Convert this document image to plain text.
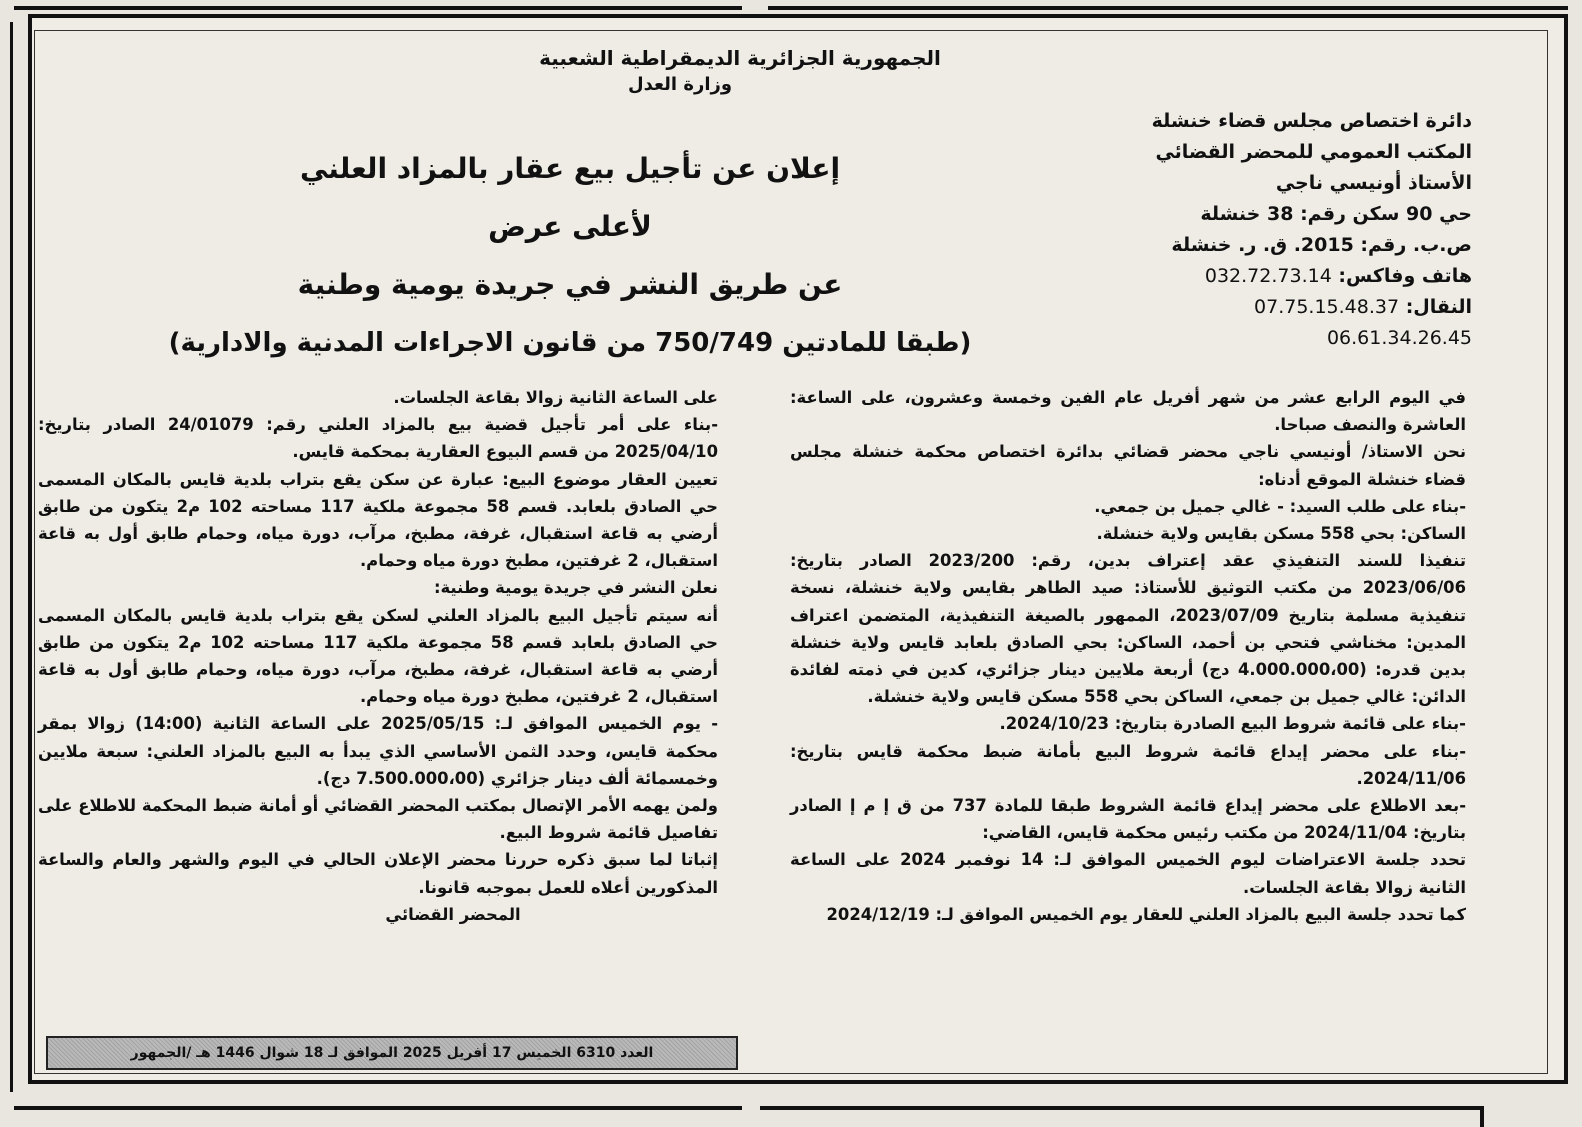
الجمهورية الجزائرية الديمقراطية الشعبية
وزارة العدل
دائرة اختصاص مجلس قضاء خنشلة
المكتب العمومي للمحضر القضائي
الأستاذ أونيسي ناجي
حي 90 سكن رقم: 38 خنشلة
ص.ب. رقم: 2015. ق. ر. خنشلة
هاتف وفاكس: 032.72.73.14
النقال: 07.75.15.48.37
06.61.34.26.45
إعلان عن تأجيل بيع عقار بالمزاد العلني
لأعلى عرض
عن طريق النشر في جريدة يومية وطنية
(طبقا للمادتين 750/749 من قانون الاجراءات المدنية والادارية)

في اليوم الرابع عشر من شهر أفريل عام الفين وخمسة وعشرون، على الساعة: العاشرة والنصف صباحا.

نحن الاستاذ/ أونيسي ناجي محضر قضائي بدائرة اختصاص محكمة خنشلة مجلس قضاء خنشلة الموقع أدناه:

-بناء على طلب السيد: - غالي جميل بن جمعي.

الساكن: بحي 558 مسكن بقايس ولاية خنشلة.

تنفيذا للسند التنفيذي عقد إعتراف بدين، رقم: 2023/200 الصادر بتاريخ: 2023/06/06 من مكتب التوثيق للأستاذ: صيد الطاهر بقايس ولاية خنشلة، نسخة تنفيذية مسلمة بتاريخ 2023/07/09، الممهور بالصيغة التنفيذية، المتضمن اعتراف المدين: مخناشي فتحي بن أحمد، الساكن: بحي الصادق بلعابد قايس ولاية خنشلة بدين قدره: (4.000.000،00 دج) أربعة ملايين دينار جزائري، كدين في ذمته لفائدة الدائن: غالي جميل بن جمعي، الساكن بحي 558 مسكن قايس ولاية خنشلة.

-بناء على قائمة شروط البيع الصادرة بتاريخ: 2024/10/23.

-بناء على محضر إيداع قائمة شروط البيع بأمانة ضبط محكمة قايس بتاريخ: 2024/11/06.

-بعد الاطلاع على محضر إيداع قائمة الشروط طبقا للمادة 737 من ق إ م إ الصادر بتاريخ: 2024/11/04 من مكتب رئيس محكمة قايس، القاضي:

تحدد جلسة الاعتراضات ليوم الخميس الموافق لـ: 14 نوفمبر 2024 على الساعة الثانية زوالا بقاعة الجلسات.

كما تحدد جلسة البيع بالمزاد العلني للعقار يوم الخميس الموافق لـ: 2024/12/19

على الساعة الثانية زوالا بقاعة الجلسات.

-بناء على أمر تأجيل قضية بيع بالمزاد العلني رقم: 24/01079 الصادر بتاريخ: 2025/04/10 من قسم البيوع العقارية بمحكمة قايس.

تعيين العقار موضوع البيع: عبارة عن سكن يقع بتراب بلدية قايس بالمكان المسمى حي الصادق بلعابد. قسم 58 مجموعة ملكية 117 مساحته 102 م2 يتكون من طابق أرضي به قاعة استقبال، غرفة، مطبخ، مرآب، دورة مياه، وحمام طابق أول به قاعة استقبال، 2 غرفتين، مطبخ دورة مياه وحمام.

نعلن النشر في جريدة يومية وطنية:

أنه سيتم تأجيل البيع بالمزاد العلني لسكن يقع بتراب بلدية قايس بالمكان المسمى حي الصادق بلعابد قسم 58 مجموعة ملكية 117 مساحته 102 م2 يتكون من طابق أرضي به قاعة استقبال، غرفة، مطبخ، مرآب، دورة مياه، وحمام طابق أول به قاعة استقبال، 2 غرفتين، مطبخ دورة مياه وحمام.

- يوم الخميس الموافق لـ: 2025/05/15 على الساعة الثانية (14:00) زوالا بمقر محكمة قايس، وحدد الثمن الأساسي الذي يبدأ به البيع بالمزاد العلني: سبعة ملايين وخمسمائة ألف دينار جزائري (7.500.000،00 دج).

ولمن يهمه الأمر الإتصال بمكتب المحضر القضائي أو أمانة ضبط المحكمة للاطلاع على تفاصيل قائمة شروط البيع.

إثباتا لما سبق ذكره حررنا محضر الإعلان الحالي في اليوم والشهر والعام والساعة المذكورين أعلاه للعمل بموجبه قانونا.

المحضر القضائي

العدد 6310 الخميس 17 أفريل 2025 الموافق لـ 18 شوال 1446 هـ /الجمهور
